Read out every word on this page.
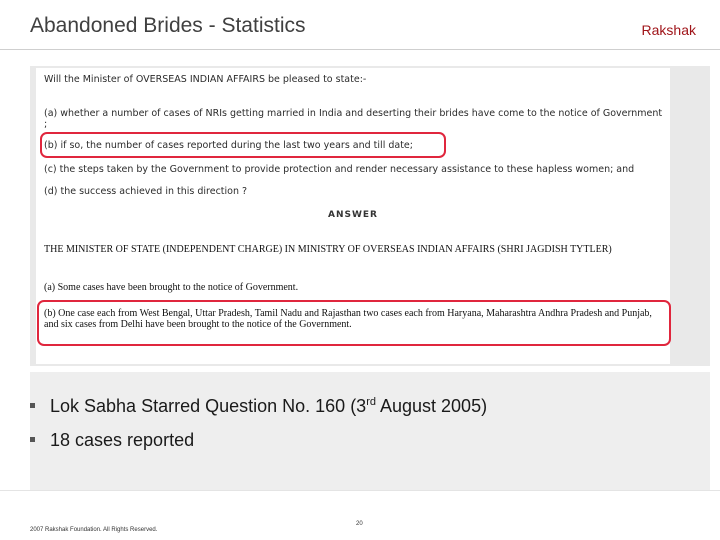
Abandoned Brides - Statistics	Rakshak

Will the Minister of OVERSEAS INDIAN AFFAIRS be pleased to state:-

(a) whether a number of cases of NRIs getting married in India and deserting their brides have come to the notice of Government ;

(b) if so, the number of cases reported during the last two years and till date;

(c) the steps taken by the Government to provide protection and render necessary assistance to these hapless women; and

(d) the success achieved in this direction ?

ANSWER

THE MINISTER OF STATE (INDEPENDENT CHARGE) IN MINISTRY OF OVERSEAS INDIAN AFFAIRS (SHRI JAGDISH TYTLER)

(a) Some cases have been brought to the notice of Government.

(b) One case each from West Bengal, Uttar Pradesh, Tamil Nadu and Rajasthan two cases each from Haryana, Maharashtra Andhra Pradesh and Punjab, and six cases from Delhi have been brought to the notice of the Government.

Lok Sabha Starred Question No. 160 (3rd August 2005)
18 cases reported
2007 Rakshak Foundation. All Rights Reserved.
20
